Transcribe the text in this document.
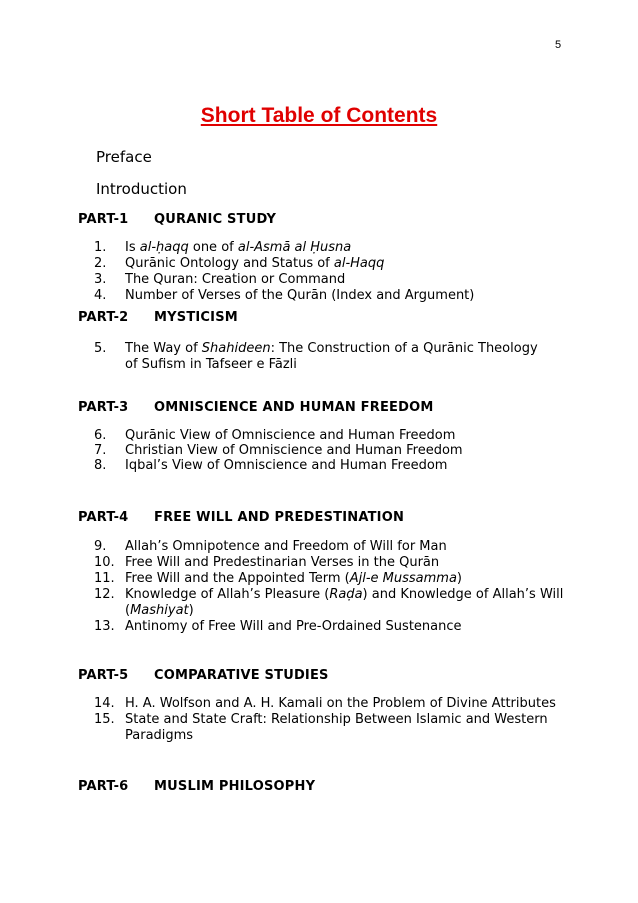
5
Short Table of Contents
Preface
Introduction
PART-1 QURANIC STUDY
1.	Is al-ḥaqq one of al-Asmā al Ḥusna
2.	Qurānic Ontology and Status of al-Haqq
3.	The Quran: Creation or Command
4.	Number of Verses of the Qurān (Index and Argument)
PART-2 MYSTICISM
5.	The Way of Shahideen: The Construction of a Qurānic Theology of Sufism in Tafseer e Fāzli
PART-3 OMNISCIENCE AND HUMAN FREEDOM
6.	Qurānic View of Omniscience and Human Freedom
7.	Christian View of Omniscience and Human Freedom
8.	Iqbal’s View of Omniscience and Human Freedom
PART-4 FREE WILL AND PREDESTINATION
9.	Allah’s Omnipotence and Freedom of Will for Man
10. Free Will and Predestinarian Verses in the Qurān
11. Free Will and the Appointed Term (Ajl-e Mussamma)
12. Knowledge of Allah’s Pleasure (Raḍa) and Knowledge of Allah’s Will (Mashiyat)
13. Antinomy of Free Will and Pre-Ordained Sustenance
PART-5 COMPARATIVE STUDIES
14. H. A. Wolfson and A. H. Kamali on the Problem of Divine Attributes
15. State and State Craft: Relationship Between Islamic and Western Paradigms
PART-6 MUSLIM PHILOSOPHY
